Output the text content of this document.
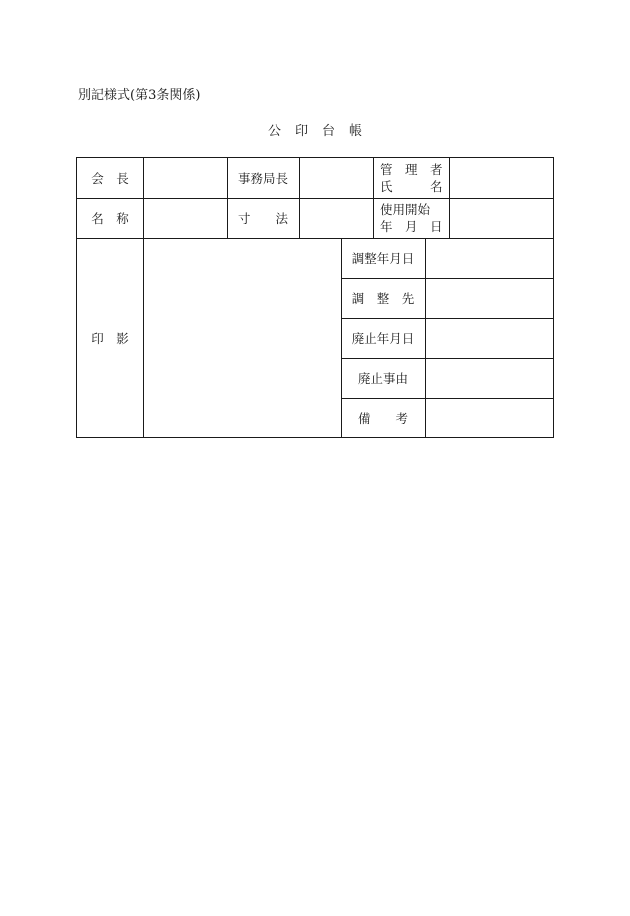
別記様式(第3条関係)
公印台帳
会　長	事務局長
管　理　者
氏　　　名
名　称	寸　　法
使用開始
年　月　日
印　影
調整年月日
調　整　先
廃止年月日
廃止事由
備　　考
